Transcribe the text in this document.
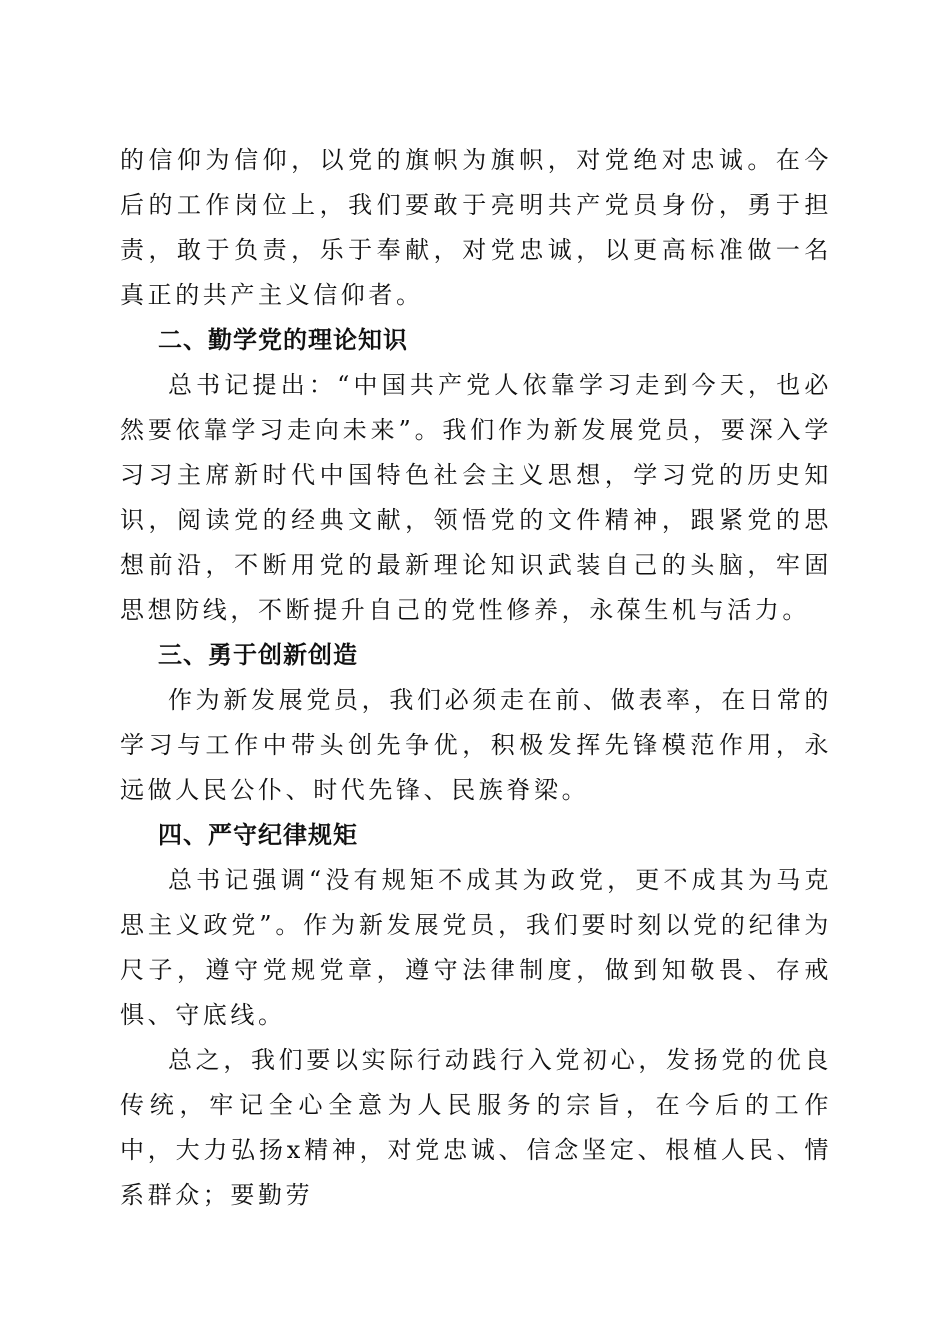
的信仰为信仰，以党的旗帜为旗帜，对党绝对忠诚。在今后的工作岗位上，我们要敢于亮明共产党员身份，勇于担责，敢于负责，乐于奉献，对党忠诚，以更高标准做一名真正的共产主义信仰者。

二、勤学党的理论知识

总书记提出：“中国共产党人依靠学习走到今天，也必然要依靠学习走向未来”。我们作为新发展党员，要深入学习习主席新时代中国特色社会主义思想，学习党的历史知识，阅读党的经典文献，领悟党的文件精神，跟紧党的思想前沿，不断用党的最新理论知识武装自己的头脑，牢固思想防线，不断提升自己的党性修养，永葆生机与活力。

三、勇于创新创造

作为新发展党员，我们必须走在前、做表率，在日常的学习与工作中带头创先争优，积极发挥先锋模范作用，永远做人民公仆、时代先锋、民族脊梁。

四、严守纪律规矩

总书记强调“没有规矩不成其为政党，更不成其为马克思主义政党”。作为新发展党员，我们要时刻以党的纪律为尺子，遵守党规党章，遵守法律制度，做到知敬畏、存戒惧、守底线。

总之，我们要以实际行动践行入党初心，发扬党的优良传统，牢记全心全意为人民服务的宗旨，在今后的工作中，大力弘扬x精神，对党忠诚、信念坚定、根植人民、情系群众；要勤劳
